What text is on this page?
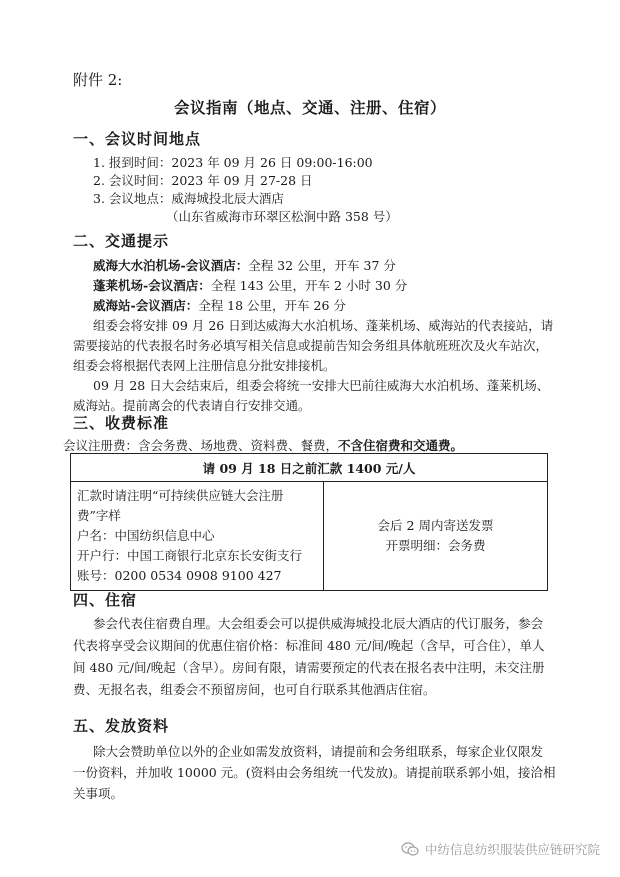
附件 2:
会议指南（地点、交通、注册、住宿）
一、会议时间地点
1. 报到时间：2023 年 09 月 26 日 09:00-16:00
2. 会议时间：2023 年 09 月 27-28 日
3. 会议地点：威海城投北辰大酒店
（山东省威海市环翠区松涧中路 358 号）
二、交通提示
威海大水泊机场-会议酒店：全程 32 公里，开车 37 分
蓬莱机场-会议酒店：全程 143 公里，开车 2 小时 30 分
威海站-会议酒店：全程 18 公里，开车 26 分
组委会将安排 09 月 26 日到达威海大水泊机场、蓬莱机场、威海站的代表接站，请
需要接站的代表报名时务必填写相关信息或提前告知会务组具体航班班次及火车站次，
组委会将根据代表网上注册信息分批安排接机。
09 月 28 日大会结束后，组委会将统一安排大巴前往威海大水泊机场、蓬莱机场、
威海站。提前离会的代表请自行安排交通。
三、收费标准
会议注册费：含会务费、场地费、资料费、餐费，不含住宿费和交通费。
请 09 月 18 日之前汇款 1400 元/人

汇款时请注明“可持续供应链大会注册
费”字样
户名：中国纺织信息中心
开户行：中国工商银行北京东长安街支行
账号：0200 0534 0908 9100 427

会后 2 周内寄送发票
开票明细：会务费
四、住宿
参会代表住宿费自理。大会组委会可以提供威海城投北辰大酒店的代订服务，参会
代表将享受会议期间的优惠住宿价格：标准间 480 元/间/晚起（含早，可合住），单人
间 480 元/间/晚起（含早）。房间有限，请需要预定的代表在报名表中注明，未交注册
费、无报名表，组委会不预留房间，也可自行联系其他酒店住宿。
五、发放资料
除大会赞助单位以外的企业如需发放资料，请提前和会务组联系，每家企业仅限发
一份资料，并加收 10000 元。(资料由会务组统一代发放)。请提前联系郭小姐，接洽相
关事项。
中纺信息纺织服装供应链研究院
